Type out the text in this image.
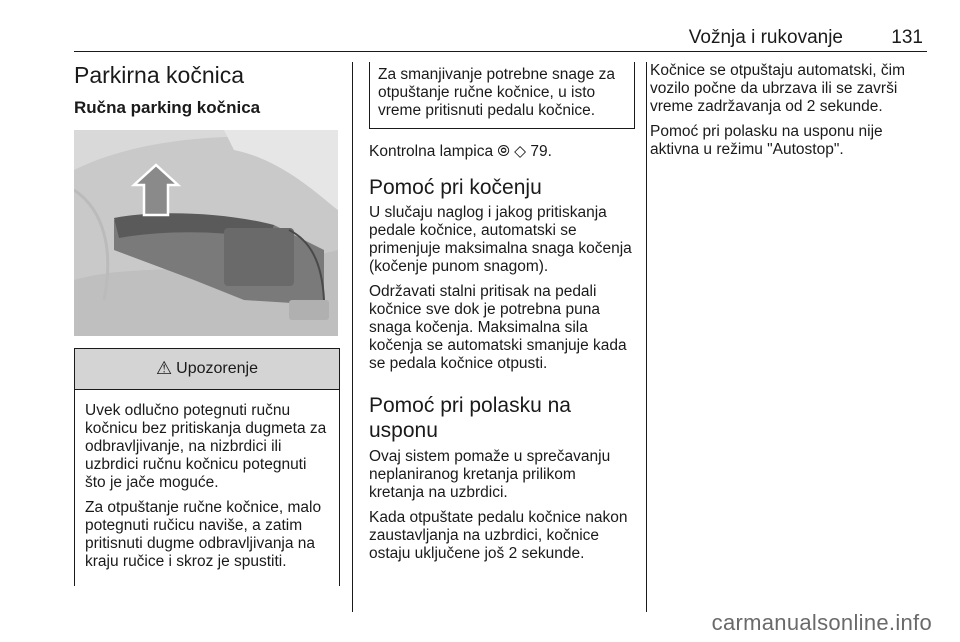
Vožnja i rukovanje	131
Parkirna kočnica
Ručna parking kočnica
⚠ Upozorenje

Uvek odlučno potegnuti ručnu kočnicu bez pritiskanja dugmeta za odbravljivanje, na nizbrdici ili uzbrdici ručnu kočnicu potegnuti što je jače moguće.

Za otpuštanje ručne kočnice, malo potegnuti ručicu naviše, a zatim pritisnuti dugme odbravljivanja na kraju ručice i skroz je spustiti.

Za smanjivanje potrebne snage za otpuštanje ručne kočnice, u isto vreme pritisnuti pedalu kočnice.

Kontrolna lampica ⦾ ◇ 79.

Pomoć pri kočenju

U slučaju naglog i jakog pritiskanja pedale kočnice, automatski se primenjuje maksimalna snaga kočenja (kočenje punom snagom).

Održavati stalni pritisak na pedali kočnice sve dok je potrebna puna snaga kočenja. Maksimalna sila kočenja se automatski smanjuje kada se pedala kočnice otpusti.

Pomoć pri polasku na usponu

Ovaj sistem pomaže u sprečavanju neplaniranog kretanja prilikom kretanja na uzbrdici.

Kada otpuštate pedalu kočnice nakon zaustavljanja na uzbrdici, kočnice ostaju uključene još 2 sekunde.

Kočnice se otpuštaju automatski, čim vozilo počne da ubrzava ili se završi vreme zadržavanja od 2 sekunde.

Pomoć pri polasku na usponu nije aktivna u režimu "Autostop".

carmanualsonline.info
